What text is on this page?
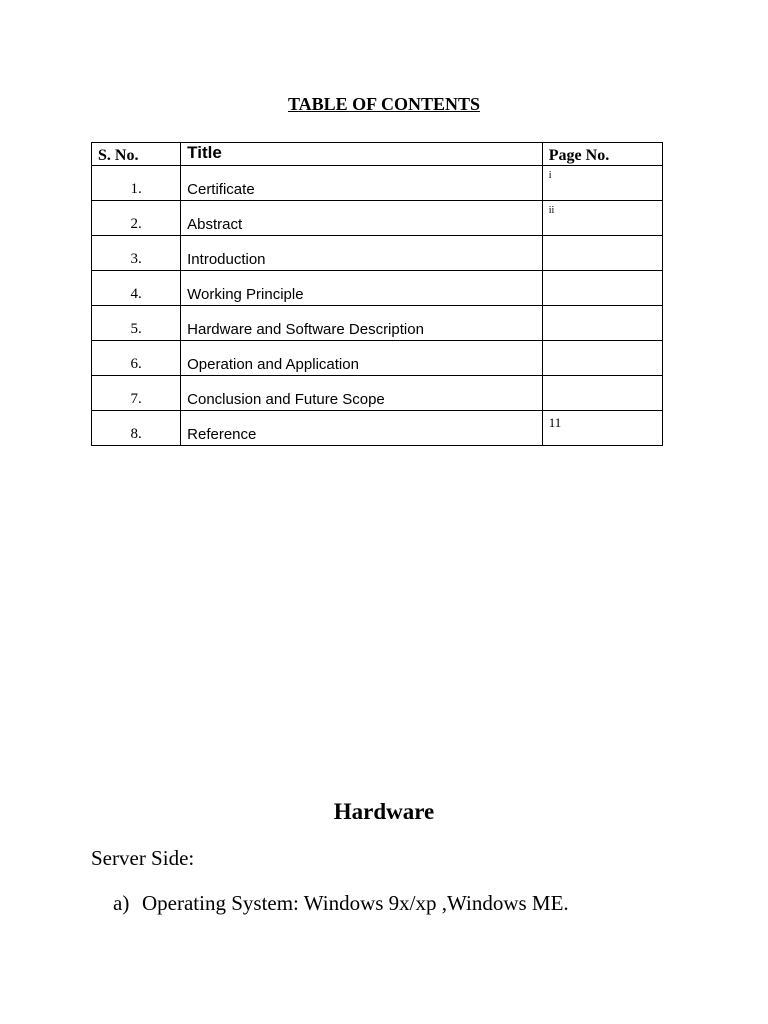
TABLE OF CONTENTS
S. No.	Title	Page No.
1.	Certificate	i
2.	Abstract	ii
3.	Introduction	
4.	Working Principle	
5.	Hardware and Software Description	
6.	Operation and Application	
7.	Conclusion and Future Scope	
8.	Reference	11
Hardware
Server Side:
a) Operating System: Windows 9x/xp ,Windows ME.
